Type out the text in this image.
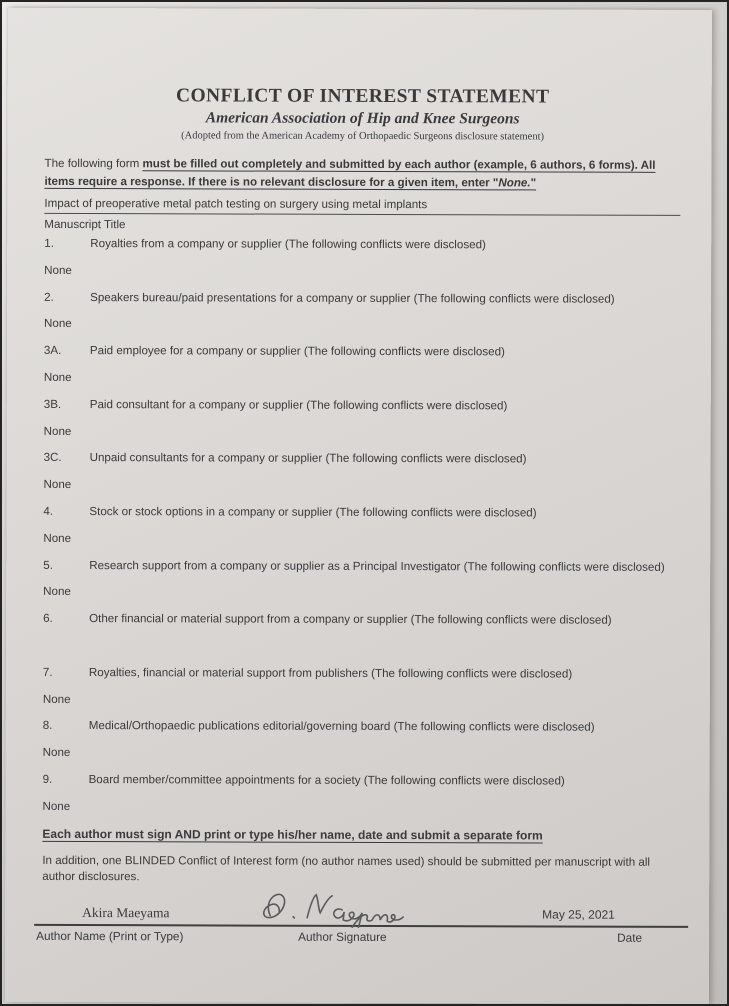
CONFLICT OF INTEREST STATEMENT
American Association of Hip and Knee Surgeons
(Adopted from the American Academy of Orthopaedic Surgeons disclosure statement)
The following form must be filled out completely and submitted by each author (example, 6 authors, 6 forms). All items require a response. If there is no relevant disclosure for a given item, enter "None."
Impact of preoperative metal patch testing on surgery using metal implants
Manuscript Title
1.	Royalties from a company or supplier (The following conflicts were disclosed)
None
2.	Speakers bureau/paid presentations for a company or supplier (The following conflicts were disclosed)
None
3A.	Paid employee for a company or supplier (The following conflicts were disclosed)
None
3B.	Paid consultant for a company or supplier (The following conflicts were disclosed)
None
3C.	Unpaid consultants for a company or supplier (The following conflicts were disclosed)
None
4.	Stock or stock options in a company or supplier (The following conflicts were disclosed)
None
5.	Research support from a company or supplier as a Principal Investigator (The following conflicts were disclosed)
None
6.	Other financial or material support from a company or supplier (The following conflicts were disclosed)
7.	Royalties, financial or material support from publishers (The following conflicts were disclosed)
None
8.	Medical/Orthopaedic publications editorial/governing board (The following conflicts were disclosed)
None
9.	Board member/committee appointments for a society (The following conflicts were disclosed)
None
Each author must sign AND print or type his/her name, date and submit a separate form
In addition, one BLINDED Conflict of Interest form (no author names used) should be submitted per manuscript with all author disclosures.
Akira Maeyama	May 25, 2021
Author Name (Print or Type)	Author Signature	Date
